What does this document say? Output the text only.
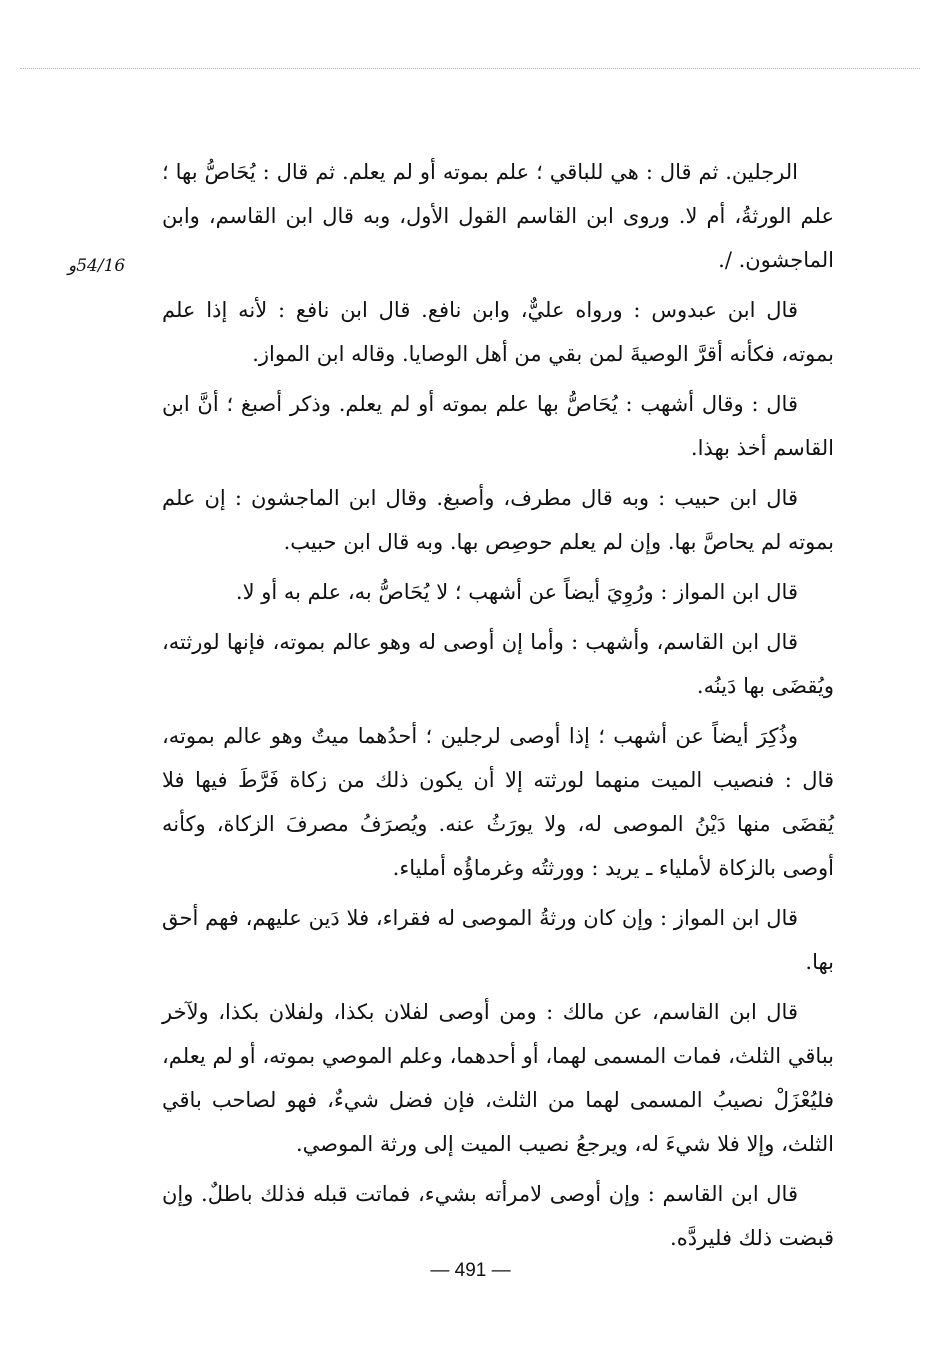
54/16و

الرجلين. ثم قال : هي للباقي ؛ علم بموته أو لم يعلم. ثم قال : يُحَاصُّ بها ؛ علم الورثةُ، أم لا. وروى ابن القاسم القول الأول، وبه قال ابن القاسم، وابن الماجشون. /.

قال ابن عبدوس : ورواه عليٌّ، وابن نافع. قال ابن نافع : لأنه إذا علم بموته، فكأنه أقرَّ الوصيةَ لمن بقي من أهل الوصايا. وقاله ابن المواز.

قال : وقال أشهب : يُحَاصُّ بها علم بموته أو لم يعلم. وذكر أصبغ ؛ أنَّ ابن القاسم أخذ بهذا.

قال ابن حبيب : وبه قال مطرف، وأصبغ. وقال ابن الماجشون : إن علم بموته لم يحاصَّ بها. وإن لم يعلم حوصِص بها. وبه قال ابن حبيب.

قال ابن المواز : ورُوِيَ أيضاً عن أشهب ؛ لا يُحَاصُّ به، علم به أو لا.

قال ابن القاسم، وأشهب : وأما إن أوصى له وهو عالم بموته، فإنها لورثته، ويُقضَى بها دَينُه.

وذُكِرَ أيضاً عن أشهب ؛ إذا أوصى لرجلين ؛ أحدُهما ميتٌ وهو عالم بموته، قال : فنصيب الميت منهما لورثته إلا أن يكون ذلك من زكاة فَرَّطَ فيها فلا يُقضَى منها دَيْنُ الموصى له، ولا يورَثُ عنه. ويُصرَفُ مصرفَ الزكاة، وكأنه أوصى بالزكاة لأملياء ـ يريد : وورثتُه وغرماؤُه أملياء.

قال ابن المواز : وإن كان ورثةُ الموصى له فقراء، فلا دَين عليهم، فهم أحق بها.

قال ابن القاسم، عن مالك : ومن أوصى لفلان بكذا، ولفلان بكذا، ولآخر بباقي الثلث، فمات المسمى لهما، أو أحدهما، وعلم الموصي بموته، أو لم يعلم، فليُعْزَلْ نصيبُ المسمى لهما من الثلث، فإن فضل شيءٌ، فهو لصاحب باقي الثلث، وإلا فلا شيءَ له، ويرجعُ نصيب الميت إلى ورثة الموصي.

قال ابن القاسم : وإن أوصى لامرأته بشيء، فماتت قبله فذلك باطلٌ. وإن قبضت ذلك فليردَّه.

— 491 —
